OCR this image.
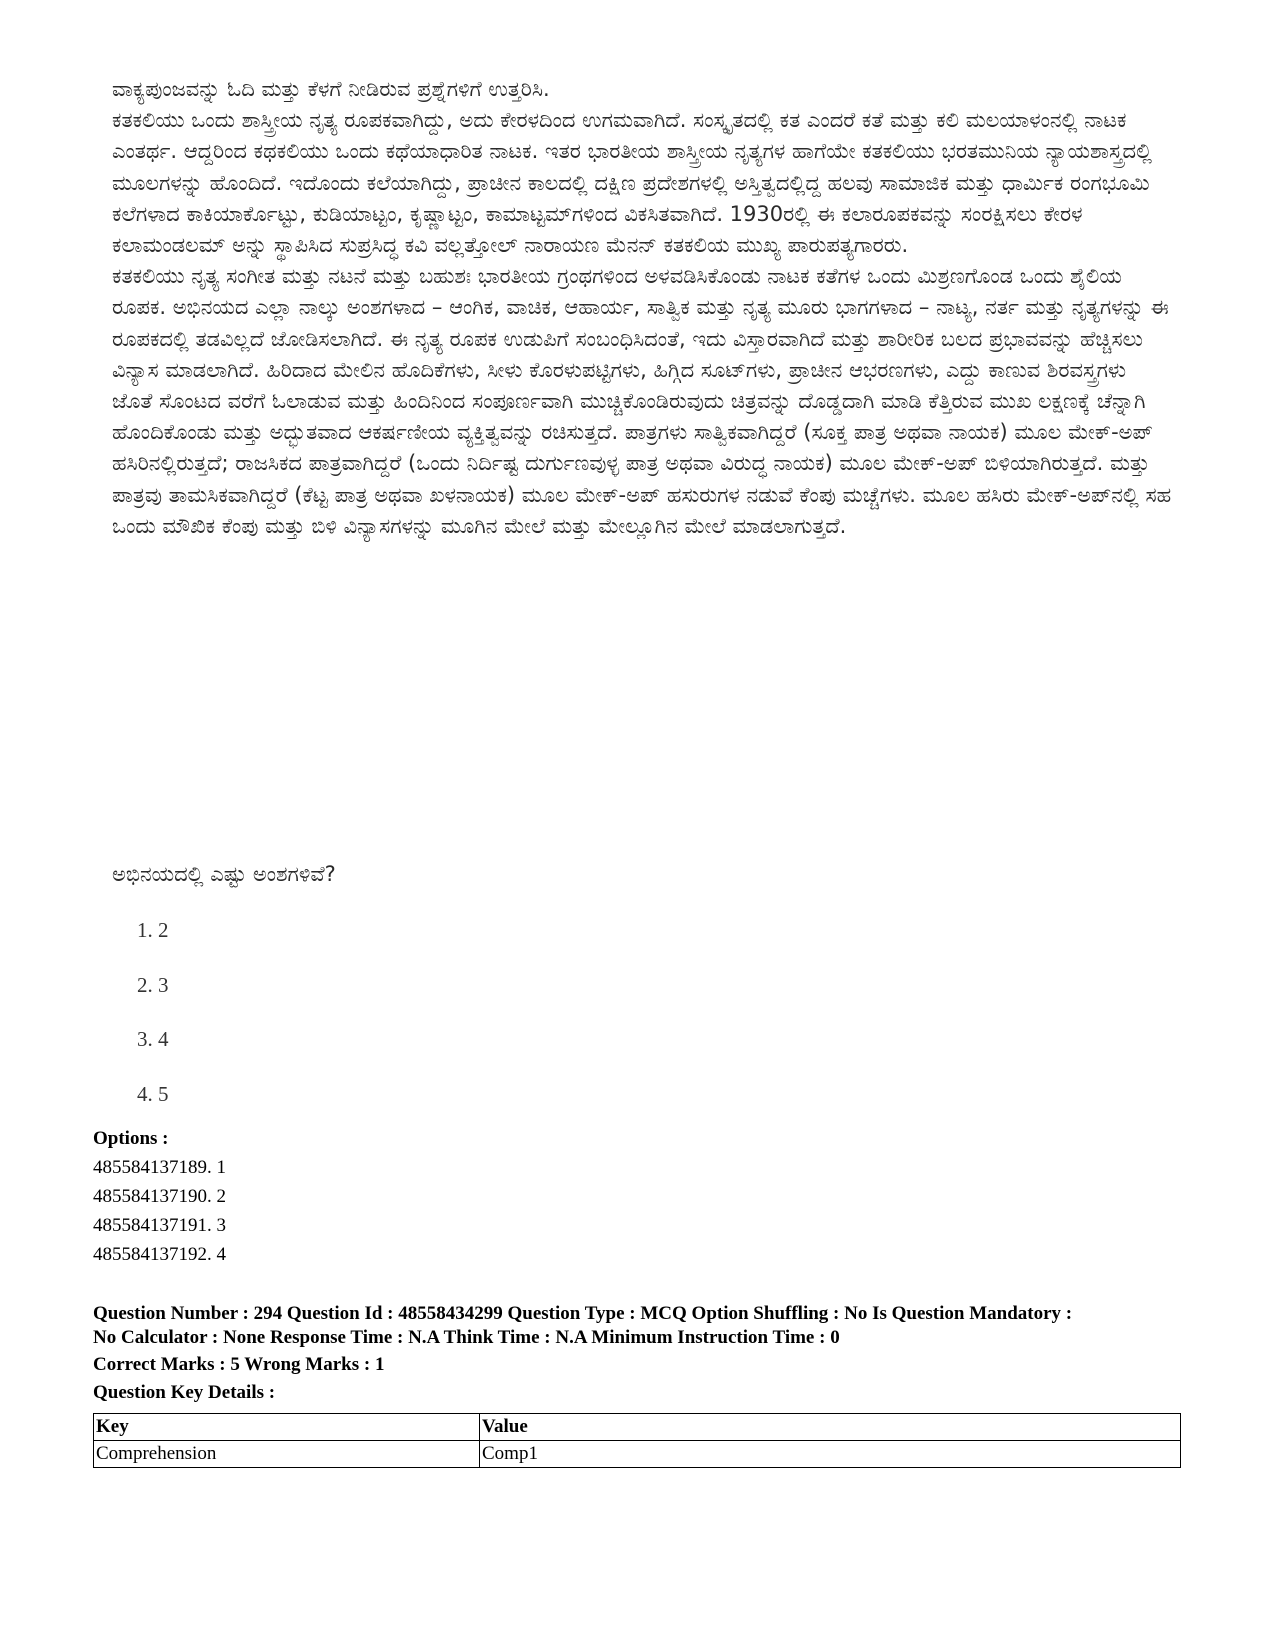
ವಾಕ್ಯಪುಂಜವನ್ನು ಓದಿ ಮತ್ತು ಕೆಳಗೆ ನೀಡಿರುವ ಪ್ರಶ್ನೆಗಳಿಗೆ ಉತ್ತರಿಸಿ.

ಕತಕಲಿಯು ಒಂದು ಶಾಸ್ತ್ರೀಯ ನೃತ್ಯ ರೂಪಕವಾಗಿದ್ದು, ಅದು ಕೇರಳದಿಂದ ಉಗಮವಾಗಿದೆ. ಸಂಸ್ಕೃತದಲ್ಲಿ ಕತ ಎಂದರೆ ಕತೆ ಮತ್ತು ಕಲಿ ಮಲಯಾಳಂನಲ್ಲಿ ನಾಟಕ ಎಂತರ್ಥ. ಆದ್ದರಿಂದ ಕಥಕಲಿಯು ಒಂದು ಕಥೆಯಾಧಾರಿತ ನಾಟಕ. ಇತರ ಭಾರತೀಯ ಶಾಸ್ತ್ರೀಯ ನೃತ್ಯಗಳ ಹಾಗೆಯೇ ಕತಕಲಿಯು ಭರತಮುನಿಯ ನ್ಯಾಯಶಾಸ್ತ್ರದಲ್ಲಿ ಮೂಲಗಳನ್ನು ಹೊಂದಿದೆ. ಇದೊಂದು ಕಲೆಯಾಗಿದ್ದು, ಪ್ರಾಚೀನ ಕಾಲದಲ್ಲಿ ದಕ್ಷಿಣ ಪ್ರದೇಶಗಳಲ್ಲಿ ಅಸ್ತಿತ್ವದಲ್ಲಿದ್ದ ಹಲವು ಸಾಮಾಜಿಕ ಮತ್ತು ಧಾರ್ಮಿಕ ರಂಗಭೂಮಿ ಕಲೆಗಳಾದ ಕಾಕಿಯಾರ್ಕೊಟ್ಟು, ಕುಡಿಯಾಟ್ಟಂ, ಕೃಷ್ಣಾಟ್ಟಂ, ಕಾಮಾಟ್ಟಮ್‌ಗಳಿಂದ ವಿಕಸಿತವಾಗಿದೆ. 1930ರಲ್ಲಿ ಈ ಕಲಾರೂಪಕವನ್ನು ಸಂರಕ್ಷಿಸಲು ಕೇರಳ ಕಲಾಮಂಡಲಮ್ ಅನ್ನು ಸ್ಥಾಪಿಸಿದ ಸುಪ್ರಸಿದ್ಧ ಕವಿ ವಲ್ಲತ್ತೋಲ್ ನಾರಾಯಣ ಮೆನನ್ ಕತಕಲಿಯ ಮುಖ್ಯ ಪಾರುಪತ್ಯಗಾರರು.

ಕತಕಲಿಯು ನೃತ್ಯ ಸಂಗೀತ ಮತ್ತು ನಟನೆ ಮತ್ತು ಬಹುಶಃ ಭಾರತೀಯ ಗ್ರಂಥಗಳಿಂದ ಅಳವಡಿಸಿಕೊಂಡು ನಾಟಕ ಕತೆಗಳ ಒಂದು ಮಿಶ್ರಣಗೊಂಡ ಒಂದು ಶೈಲಿಯ ರೂಪಕ. ಅಭಿನಯದ ಎಲ್ಲಾ ನಾಲ್ಕು ಅಂಶಗಳಾದ – ಆಂಗಿಕ, ವಾಚಿಕ, ಆಹಾರ್ಯ, ಸಾತ್ವಿಕ ಮತ್ತು ನೃತ್ಯ ಮೂರು ಭಾಗಗಳಾದ – ನಾಟ್ಯ, ನರ್ತ ಮತ್ತು ನೃತ್ಯಗಳನ್ನು ಈ ರೂಪಕದಲ್ಲಿ ತಡವಿಲ್ಲದೆ ಜೋಡಿಸಲಾಗಿದೆ. ಈ ನೃತ್ಯ ರೂಪಕ ಉಡುಪಿಗೆ ಸಂಬಂಧಿಸಿದಂತೆ, ಇದು ವಿಸ್ತಾರವಾಗಿದೆ ಮತ್ತು ಶಾರೀರಿಕ ಬಲದ ಪ್ರಭಾವವನ್ನು ಹೆಚ್ಚಿಸಲು ವಿನ್ಯಾಸ ಮಾಡಲಾಗಿದೆ. ಹಿರಿದಾದ ಮೇಲಿನ ಹೊದಿಕೆಗಳು, ಸೀಳು ಕೊರಳುಪಟ್ಟಿಗಳು, ಹಿಗ್ಗಿದ ಸೂಟ್‌ಗಳು, ಪ್ರಾಚೀನ ಆಭರಣಗಳು, ಎದ್ದು ಕಾಣುವ ಶಿರವಸ್ತ್ರಗಳು ಜೊತೆ ಸೊಂಟದ ವರೆಗೆ ಓಲಾಡುವ ಮತ್ತು ಹಿಂದಿನಿಂದ ಸಂಪೂರ್ಣವಾಗಿ ಮುಚ್ಚಿಕೊಂಡಿರುವುದು ಚಿತ್ರವನ್ನು ದೊಡ್ಡದಾಗಿ ಮಾಡಿ ಕೆತ್ತಿರುವ ಮುಖ ಲಕ್ಷಣಕ್ಕೆ ಚೆನ್ನಾಗಿ ಹೊಂದಿಕೊಂಡು ಮತ್ತು ಅದ್ಭುತವಾದ ಆಕರ್ಷಣೀಯ ವ್ಯಕ್ತಿತ್ವವನ್ನು ರಚಿಸುತ್ತದೆ. ಪಾತ್ರಗಳು ಸಾತ್ವಿಕವಾಗಿದ್ದರೆ (ಸೂಕ್ತ ಪಾತ್ರ ಅಥವಾ ನಾಯಕ) ಮೂಲ ಮೇಕ್-ಅಪ್ ಹಸಿರಿನಲ್ಲಿರುತ್ತದೆ; ರಾಜಸಿಕದ ಪಾತ್ರವಾಗಿದ್ದರೆ (ಒಂದು ನಿರ್ದಿಷ್ಟ ದುರ್ಗುಣವುಳ್ಳ ಪಾತ್ರ ಅಥವಾ ವಿರುದ್ಧ ನಾಯಕ) ಮೂಲ ಮೇಕ್-ಅಪ್ ಬಿಳಿಯಾಗಿರುತ್ತದೆ. ಮತ್ತು ಪಾತ್ರವು ತಾಮಸಿಕವಾಗಿದ್ದರೆ (ಕೆಟ್ಟ ಪಾತ್ರ ಅಥವಾ ಖಳನಾಯಕ) ಮೂಲ ಮೇಕ್-ಅಪ್ ಹಸುರುಗಳ ನಡುವೆ ಕೆಂಪು ಮಚ್ಚೆಗಳು. ಮೂಲ ಹಸಿರು ಮೇಕ್-ಅಪ್‌ನಲ್ಲಿ ಸಹ ಒಂದು ಮೌಖಿಕ ಕೆಂಪು ಮತ್ತು ಬಿಳಿ ವಿನ್ಯಾಸಗಳನ್ನು ಮೂಗಿನ ಮೇಲೆ ಮತ್ತು ಮೇಲ್ಲೂಗಿನ ಮೇಲೆ ಮಾಡಲಾಗುತ್ತದೆ.

ಅಭಿನಯದಲ್ಲಿ ಎಷ್ಟು ಅಂಶಗಳಿವೆ?
1. 2
2. 3
3. 4
4. 5
Options :
485584137189. 1
485584137190. 2
485584137191. 3
485584137192. 4
Question Number : 294 Question Id : 48558434299 Question Type : MCQ Option Shuffling : No Is Question Mandatory :
No Calculator : None Response Time : N.A Think Time : N.A Minimum Instruction Time : 0
Correct Marks : 5 Wrong Marks : 1
Question Key Details :
Key	Value
Comprehension	Comp1
